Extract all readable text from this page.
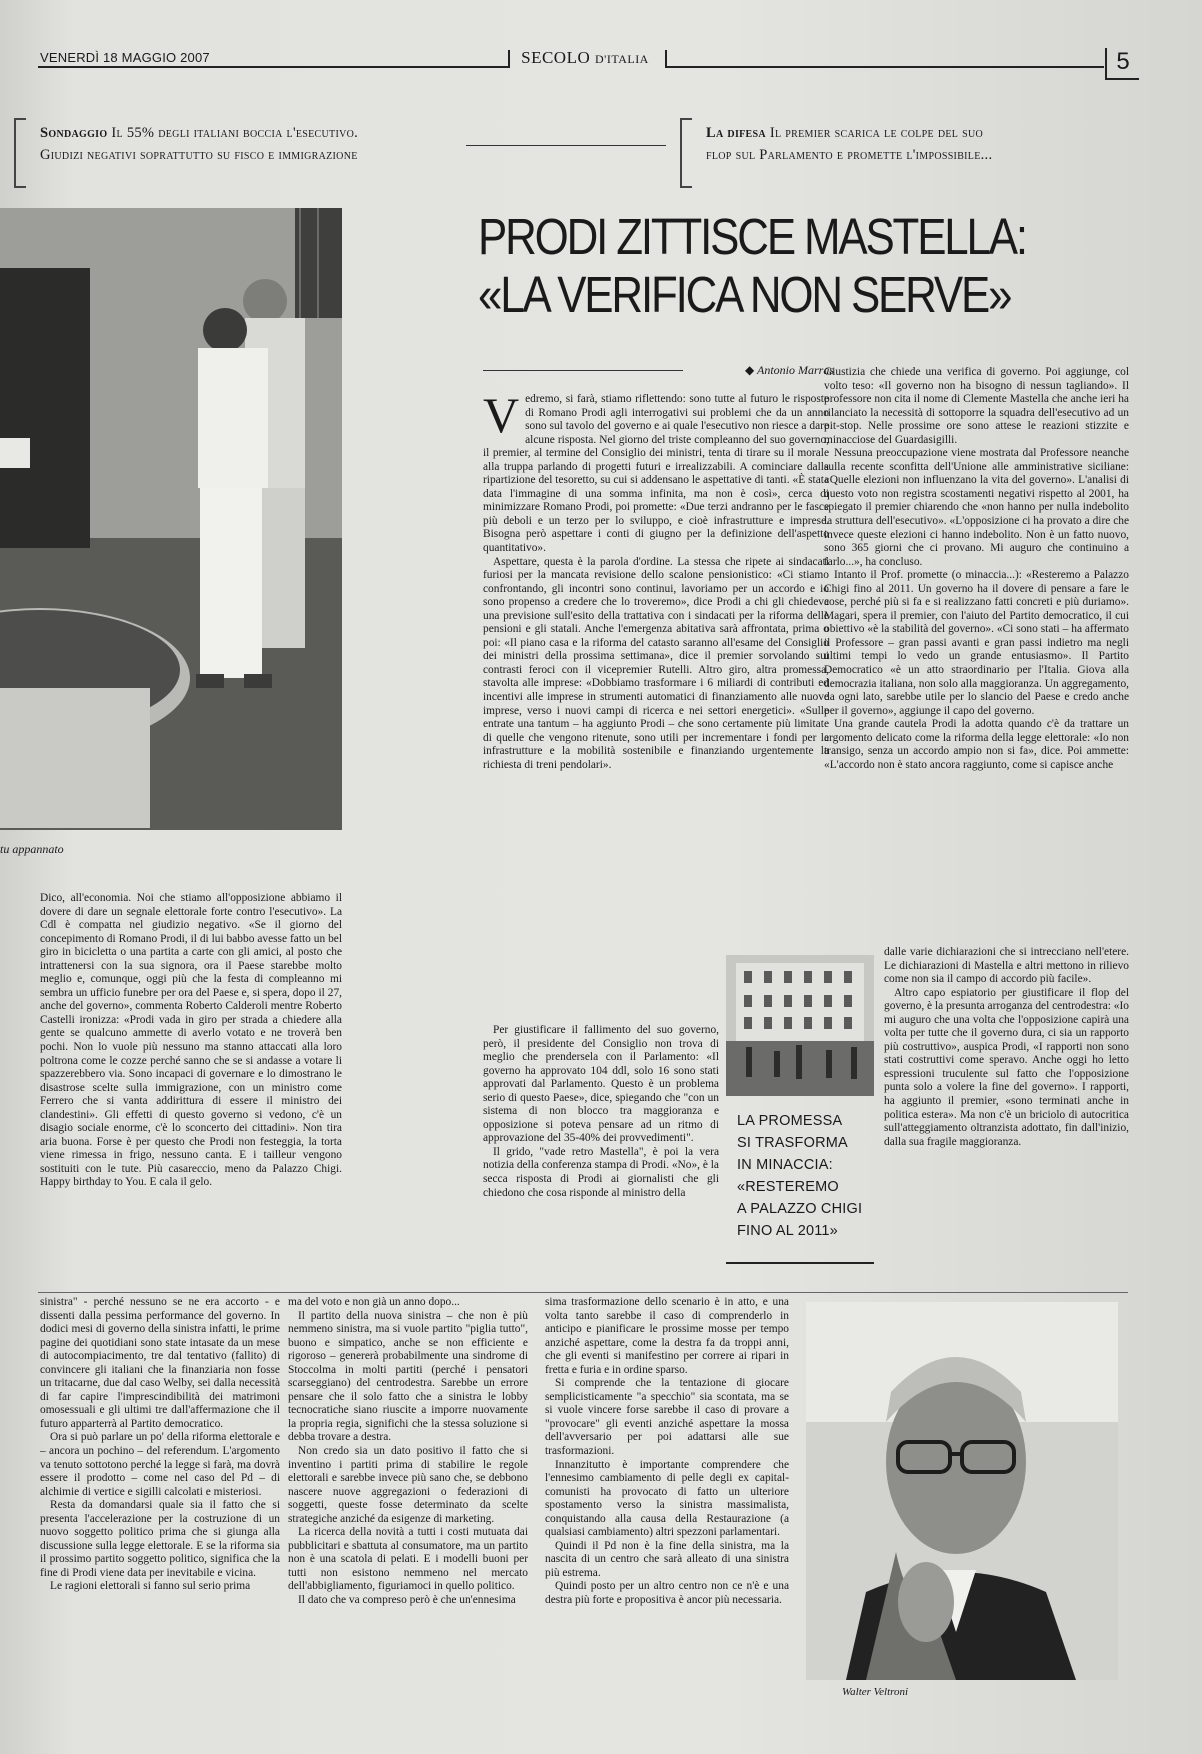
VENERDÌ 18 MAGGIO 2007	SECOLO D'ITALIA	5
Sondaggio Il 55% degli italiani boccia l'esecutivo.
Giudizi negativi soprattutto su fisco e immigrazione
La difesa Il premier scarica le colpe del suo
flop sul Parlamento e promette l'impossibile...
PRODI ZITTISCE MASTELLA:
«LA VERIFICA NON SERVE»
◆ Antonio Marras
tu appannato

Dico, all'economia. Noi che stiamo all'opposizione abbiamo il dovere di dare un segnale elettorale forte contro l'esecutivo». La Cdl è compatta nel giudizio negativo. «Se il giorno del concepimento di Romano Prodi, il di lui babbo avesse fatto un bel giro in bicicletta o una partita a carte con gli amici, al posto che intrattenersi con la sua signora, ora il Paese starebbe molto meglio e, comunque, oggi più che la festa di compleanno mi sembra un ufficio funebre per ora del Paese e, si spera, dopo il 27, anche del governo», commenta Roberto Calderoli mentre Roberto Castelli ironizza: «Prodi vada in giro per strada a chiedere alla gente se qualcuno ammette di averlo votato e ne troverà ben pochi. Non lo vuole più nessuno ma stanno attaccati alla loro poltrona come le cozze perché sanno che se si andasse a votare li spazzerebbero via. Sono incapaci di governare e lo dimostrano le disastrose scelte sulla immigrazione, con un ministro come Ferrero che si vanta addirittura di essere il ministro dei clandestini». Gli effetti di questo governo si vedono, c'è un disagio sociale enorme, c'è lo sconcerto dei cittadini». Non tira aria buona. Forse è per questo che Prodi non festeggia, la torta viene rimessa in frigo, nessuno canta. E i tailleur vengono sostituiti con le tute. Più casareccio, meno da Palazzo Chigi. Happy birthday to You. E cala il gelo.

V edremo, si farà, stiamo riflettendo: sono tutte al futuro le risposte di Romano Prodi agli interrogativi sui problemi che da un anno sono sul tavolo del governo e ai quale l'esecutivo non riesce a dare alcune risposta. Nel giorno del triste compleanno del suo governo, il premier, al termine del Consiglio dei ministri, tenta di tirare su il morale alla truppa parlando di progetti futuri e irrealizzabili. A cominciare dalla ripartizione del tesoretto, su cui si addensano le aspettative di tanti. «È stata data l'immagine di una somma infinita, ma non è così», cerca di minimizzare Romano Prodi, poi promette: «Due terzi andranno per le fasce più deboli e un terzo per lo sviluppo, e cioè infrastrutture e imprese. Bisogna però aspettare i conti di giugno per la definizione dell'aspetto quantitativo».

Aspettare, questa è la parola d'ordine. La stessa che ripete ai sindacati furiosi per la mancata revisione dello scalone pensionistico: «Ci stiamo confrontando, gli incontri sono continui, lavoriamo per un accordo e io sono propenso a credere che lo troveremo», dice Prodi a chi gli chiedeva una previsione sull'esito della trattativa con i sindacati per la riforma delle pensioni e gli statali. Anche l'emergenza abitativa sarà affrontata, prima o poi: «Il piano casa e la riforma del catasto saranno all'esame del Consiglio dei ministri della prossima settimana», dice il premier sorvolando sui contrasti feroci con il vicepremier Rutelli. Altro giro, altra promessa, stavolta alle imprese: «Dobbiamo trasformare i 6 miliardi di contributi ed incentivi alle imprese in strumenti automatici di finanziamento alle nuove imprese, verso i nuovi campi di ricerca e nei settori energetici». «Sulle entrate una tantum – ha aggiunto Prodi – che sono certamente più limitate di quelle che vengono ritenute, sono utili per incrementare i fondi per le infrastrutture e la mobilità sostenibile e finanziando urgentemente la richiesta di treni pendolari».

Per giustificare il fallimento del suo governo, però, il presidente del Consiglio non trova di meglio che prendersela con il Parlamento: «Il governo ha approvato 104 ddl, solo 16 sono stati approvati dal Parlamento. Questo è un problema serio di questo Paese», dice, spiegando che "con un sistema di non blocco tra maggioranza e opposizione si poteva pensare ad un ritmo di approvazione del 35-40% dei provvedimenti".

Il grido, "vade retro Mastella", è poi la vera notizia della conferenza stampa di Prodi. «No», è la secca risposta di Prodi ai giornalisti che gli chiedono che cosa risponde al ministro della

Giustizia che chiede una verifica di governo. Poi aggiunge, col volto teso: «Il governo non ha bisogno di nessun tagliando». Il professore non cita il nome di Clemente Mastella che anche ieri ha rilanciato la necessità di sottoporre la squadra dell'esecutivo ad un pit-stop. Nelle prossime ore sono attese le reazioni stizzite e minacciose del Guardasigilli.

Nessuna preoccupazione viene mostrata dal Professore neanche sulla recente sconfitta dell'Unione alle amministrative siciliane: «Quelle elezioni non influenzano la vita del governo». L'analisi di questo voto non registra scostamenti negativi rispetto al 2001, ha spiegato il premier chiarendo che «non hanno per nulla indebolito la struttura dell'esecutivo». «L'opposizione ci ha provato a dire che invece queste elezioni ci hanno indebolito. Non è un fatto nuovo, sono 365 giorni che ci provano. Mi auguro che continuino a farlo...», ha concluso.

Intanto il Prof. promette (o minaccia...): «Resteremo a Palazzo Chigi fino al 2011. Un governo ha il dovere di pensare a fare le cose, perché più si fa e si realizzano fatti concreti e più duriamo». Magari, spera il premier, con l'aiuto del Partito democratico, il cui obiettivo «è la stabilità del governo». «Ci sono stati – ha affermato il Professore – gran passi avanti e gran passi indietro ma negli ultimi tempi lo vedo un grande entusiasmo». Il Partito Democratico «è un atto straordinario per l'Italia. Giova alla democrazia italiana, non solo alla maggioranza. Un aggregamento, da ogni lato, sarebbe utile per lo slancio del Paese e credo anche per il governo», aggiunge il capo del governo.

Una grande cautela Prodi la adotta quando c'è da trattare un argomento delicato come la riforma della legge elettorale: «Io non transigo, senza un accordo ampio non si fa», dice. Poi ammette: «L'accordo non è stato ancora raggiunto, come si capisce anche

dalle varie dichiarazioni che si intrecciano nell'etere. Le dichiarazioni di Mastella e altri mettono in rilievo come non sia il campo di accordo più facile».

Altro capo espiatorio per giustificare il flop del governo, è la presunta arroganza del centrodestra: «Io mi auguro che una volta che l'opposizione capirà una volta per tutte che il governo dura, ci sia un rapporto più costruttivo», auspica Prodi, «I rapporti non sono stati costruttivi come speravo. Anche oggi ho letto espressioni truculente sul fatto che l'opposizione punta solo a volere la fine del governo». I rapporti, ha aggiunto il premier, «sono terminati anche in politica estera». Ma non c'è un briciolo di autocritica sull'atteggiamento oltranzista adottato, fin dall'inizio, dalla sua fragile maggioranza.

LA PROMESSA
SI TRASFORMA
IN MINACCIA:
«RESTEREMO
A PALAZZO CHIGI
FINO AL 2011»

sinistra" - perché nessuno se ne era accorto - e dissenti dalla pessima performance del governo. In dodici mesi di governo della sinistra infatti, le prime pagine dei quotidiani sono state intasate da un mese di autocompiacimento, tre dal tentativo (fallito) di convincere gli italiani che la finanziaria non fosse un tritacarne, due dal caso Welby, sei dalla necessità di far capire l'imprescindibilità dei matrimoni omosessuali e gli ultimi tre dall'affermazione che il futuro apparterrà al Partito democratico.

Ora si può parlare un po' della riforma elettorale e – ancora un pochino – del referendum. L'argomento va tenuto sottotono perché la legge si farà, ma dovrà essere il prodotto – come nel caso del Pd – di alchimie di vertice e sigilli calcolati e misteriosi.

Resta da domandarsi quale sia il fatto che si presenta l'accelerazione per la costruzione di un nuovo soggetto politico prima che si giunga alla discussione sulla legge elettorale. E se la riforma sia il prossimo partito soggetto politico, significa che la fine di Prodi viene data per inevitabile e vicina.

Le ragioni elettorali si fanno sul serio prima

ma del voto e non già un anno dopo...

Il partito della nuova sinistra – che non è più nemmeno sinistra, ma si vuole partito "piglia tutto", buono e simpatico, anche se non efficiente e rigoroso – genererà probabilmente una sindrome di Stoccolma in molti partiti (perché i pensatori scarseggiano) del centrodestra. Sarebbe un errore pensare che il solo fatto che a sinistra le lobby tecnocratiche siano riuscite a imporre nuovamente la propria regia, significhi che la stessa soluzione si debba trovare a destra.

Non credo sia un dato positivo il fatto che si inventino i partiti prima di stabilire le regole elettorali e sarebbe invece più sano che, se debbono nascere nuove aggregazioni o federazioni di soggetti, queste fosse determinato da scelte strategiche anziché da esigenze di marketing.

La ricerca della novità a tutti i costi mutuata dai pubblicitari e sbattuta al consumatore, ma un partito non è una scatola di pelati. E i modelli buoni per tutti non esistono nemmeno nel mercato dell'abbigliamento, figuriamoci in quello politico.

Il dato che va compreso però è che un'ennesima

sima trasformazione dello scenario è in atto, e una volta tanto sarebbe il caso di comprenderlo in anticipo e pianificare le prossime mosse per tempo anziché aspettare, come la destra fa da troppi anni, che gli eventi si manifestino per correre ai ripari in fretta e furia e in ordine sparso.

Si comprende che la tentazione di giocare semplicisticamente "a specchio" sia scontata, ma se si vuole vincere forse sarebbe il caso di provare a "provocare" gli eventi anziché aspettare la mossa dell'avversario per poi adattarsi alle sue trasformazioni.

Innanzitutto è importante comprendere che l'ennesimo cambiamento di pelle degli ex capital-comunisti ha provocato di fatto un ulteriore spostamento verso la sinistra massimalista, conquistando alla causa della Restaurazione (a qualsiasi cambiamento) altri spezzoni parlamentari.

Quindi il Pd non è la fine della sinistra, ma la nascita di un centro che sarà alleato di una sinistra più estrema.

Quindi posto per un altro centro non ce n'è e una destra più forte e propositiva è ancor più necessaria.

Walter Veltroni
